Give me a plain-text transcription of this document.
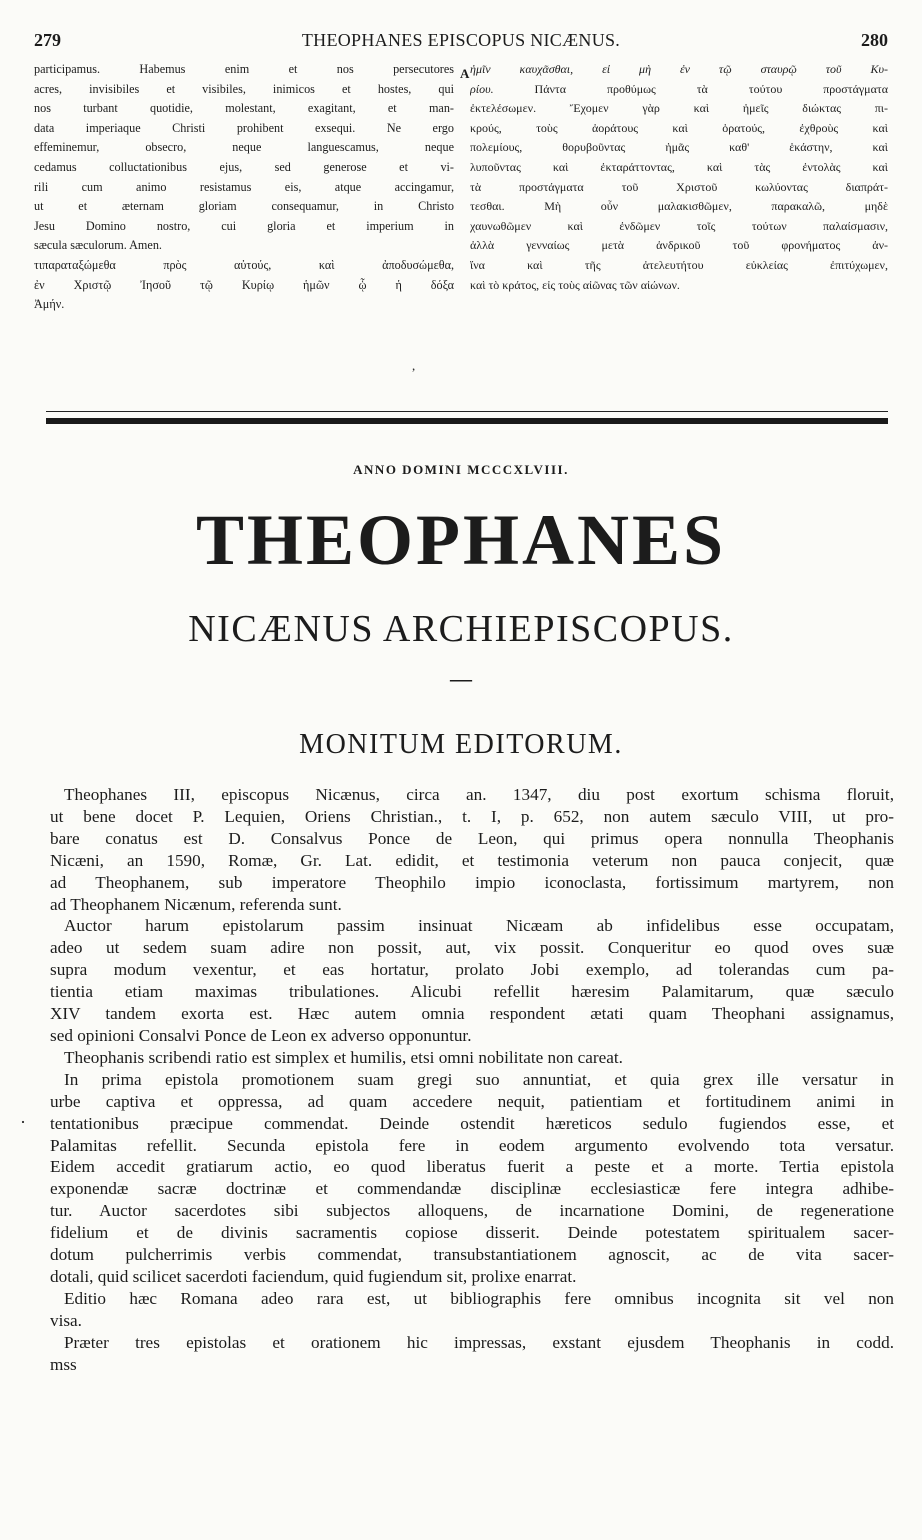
279	THEOPHANES EPISCOPUS NICÆNUS.	280
participamus. Habemus enim et nos persecutores
acres, invisibiles et visibiles, inimicos et hostes, qui
nos turbant quotidie, molestant, exagitant, et man-
data imperiaque Christi prohibent exsequi. Ne ergo
effeminemur, obsecro, neque languescamus, neque
cedamus colluctationibus ejus, sed generose et vi-
rili cum animo resistamus eis, atque accingamur,
ut et æternam gloriam consequamur, in Christo
Jesu Domino nostro, cui gloria et imperium in
sæcula sæculorum. Amen.
τιπαραταξώμεθα πρὸς αὐτούς, καὶ ἀποδυσώμεθα,
ἐν Χριστῷ Ἰησοῦ τῷ Κυρίῳ ἡμῶν ᾧ ἡ δόξα
Ἀμήν.
A ἡμῖν καυχᾶσθαι, εἰ μὴ ἐν τῷ σταυρῷ τοῦ Κυ-
ρίου. Πάντα προθύμως τὰ τούτου προστάγματα
ἐκτελέσωμεν. Ἔχομεν γὰρ καὶ ἡμεῖς διώκτας πι-
κρούς, τοὺς ἀοράτους καὶ ὁρατούς, ἐχθροὺς καὶ
πολεμίους, θορυβοῦντας ἡμᾶς καθ' ἑκάστην, καὶ
λυποῦντας καὶ ἐκταράττοντας, καὶ τὰς ἐντολὰς καὶ
τὰ προστάγματα τοῦ Χριστοῦ κωλύοντας διαπράτ-
τεσθαι. Μὴ οὖν μαλακισθῶμεν, παρακαλῶ, μηδὲ
χαυνωθῶμεν καὶ ἐνδῶμεν τοῖς τούτων παλαίσμασιν,
ἀλλὰ γενναίως μετὰ ἀνδρικοῦ τοῦ φρονήματος ἀν-
ἵνα καὶ τῆς ἀτελευτήτου εὐκλείας ἐπιτύχωμεν,
καὶ τὸ κράτος, εἰς τοὺς αἰῶνας τῶν αἰώνων.
,
ANNO DOMINI MCCCXLVIII.
THEOPHANES
NICÆNUS ARCHIEPISCOPUS.
—
MONITUM EDITORUM.
·
Theophanes III, episcopus Nicænus, circa an. 1347, diu post exortum schisma floruit,
ut bene docet P. Lequien, Oriens Christian., t. I, p. 652, non autem sæculo VIII, ut pro-
bare conatus est D. Consalvus Ponce de Leon, qui primus opera nonnulla Theophanis
Nicæni, an 1590, Romæ, Gr. Lat. edidit, et testimonia veterum non pauca conjecit, quæ
ad Theophanem, sub imperatore Theophilo impio iconoclasta, fortissimum martyrem, non
ad Theophanem Nicænum, referenda sunt.
Auctor harum epistolarum passim insinuat Nicæam ab infidelibus esse occupatam,
adeo ut sedem suam adire non possit, aut, vix possit. Conqueritur eo quod oves suæ
supra modum vexentur, et eas hortatur, prolato Jobi exemplo, ad tolerandas cum pa-
tientia etiam maximas tribulationes. Alicubi refellit hæresim Palamitarum, quæ sæculo
XIV tandem exorta est. Hæc autem omnia respondent ætati quam Theophani assignamus,
sed opinioni Consalvi Ponce de Leon ex adverso opponuntur.
Theophanis scribendi ratio est simplex et humilis, etsi omni nobilitate non careat.
In prima epistola promotionem suam gregi suo annuntiat, et quia grex ille versatur in
urbe captiva et oppressa, ad quam accedere nequit, patientiam et fortitudinem animi in
tentationibus præcipue commendat. Deinde ostendit hæreticos sedulo fugiendos esse, et
Palamitas refellit. Secunda epistola fere in eodem argumento evolvendo tota versatur.
Eidem accedit gratiarum actio, eo quod liberatus fuerit a peste et a morte. Tertia epistola
exponendæ sacræ doctrinæ et commendandæ disciplinæ ecclesiasticæ fere integra adhibe-
tur. Auctor sacerdotes sibi subjectos alloquens, de incarnatione Domini, de regeneratione
fidelium et de divinis sacramentis copiose disserit. Deinde potestatem spiritualem sacer-
dotum pulcherrimis verbis commendat, transubstantiationem agnoscit, ac de vita sacer-
dotali, quid scilicet sacerdoti faciendum, quid fugiendum sit, prolixe enarrat.
Editio hæc Romana adeo rara est, ut bibliographis fere omnibus incognita sit vel non
visa.
Præter tres epistolas et orationem hic impressas, exstant ejusdem Theophanis in codd.
mss
